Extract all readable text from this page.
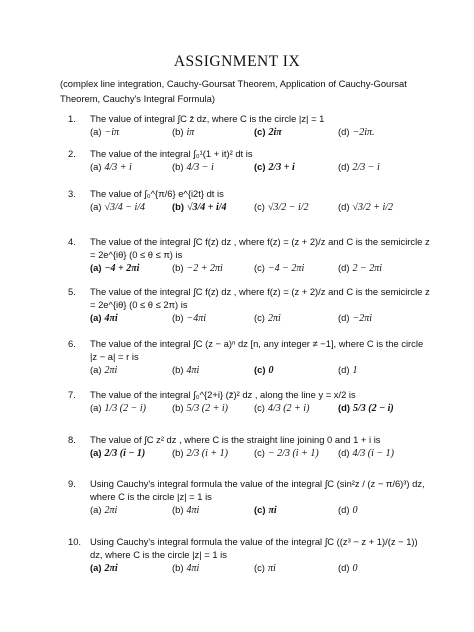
ASSIGNMENT IX
(complex line integration, Cauchy-Goursat Theorem, Application of Cauchy-Goursat Theorem, Cauchy's Integral Formula)
1. The value of integral ∫C z̄ dz, where C is the circle |z| = 1
(a) −iπ	(b) iπ	(c) 2iπ	(d) −2iπ.
2. The value of the integral ∫₀¹(1 + it)² dt is
(a) 4/3 + i	(b) 4/3 − i	(c) 2/3 + i	(d) 2/3 − i
3. The value of ∫₀^{π/6} e^{i2t} dt is
(a) √3/4 − i/4	(b) √3/4 + i/4	(c) √3/2 − i/2	(d) √3/2 + i/2
4. The value of the integral ∫C f(z) dz , where f(z) = (z + 2)/z and C is the semicircle z = 2e^{iθ} (0 ≤ θ ≤ π) is
(a) −4 + 2πi	(b) −2 + 2πi	(c) −4 − 2πi	(d) 2 − 2πi
5. The value of the integral ∫C f(z) dz , where f(z) = (z + 2)/z and C is the semicircle z = 2e^{iθ} (0 ≤ θ ≤ 2π) is
(a) 4πi	(b) −4πi	(c) 2πi	(d) −2πi
6. The value of the integral ∫C (z − a)ⁿ dz [n, any integer ≠ −1], where C is the circle |z − a| = r is
(a) 2πi	(b) 4πi	(c) 0	(d) 1
7. The value of the integral ∫₀^{2+i} (z̄)² dz , along the line y = x/2 is
(a) 1/3 (2 − i)	(b) 5/3 (2 + i)	(c) 4/3 (2 + i)	(d) 5/3 (2 − i)
8. The value of ∫C z² dz , where C is the straight line joining 0 and 1 + i is
(a) 2/3 (i − 1)	(b) 2/3 (i + 1)	(c) − 2/3 (i + 1) (d) 4/3 (i − 1)
9. Using Cauchy's integral formula the value of the integral ∫C (sin²z / (z − π/6)³) dz, where C is the circle |z| = 1 is
(a) 2πi	(b) 4πi	(c) πi	(d) 0
10. Using Cauchy's integral formula the value of the integral ∫C ((z³ − z + 1)/(z − 1)) dz, where C is the circle |z| = 1 is
(a) 2πi	(b) 4πi	(c) πi	(d) 0
